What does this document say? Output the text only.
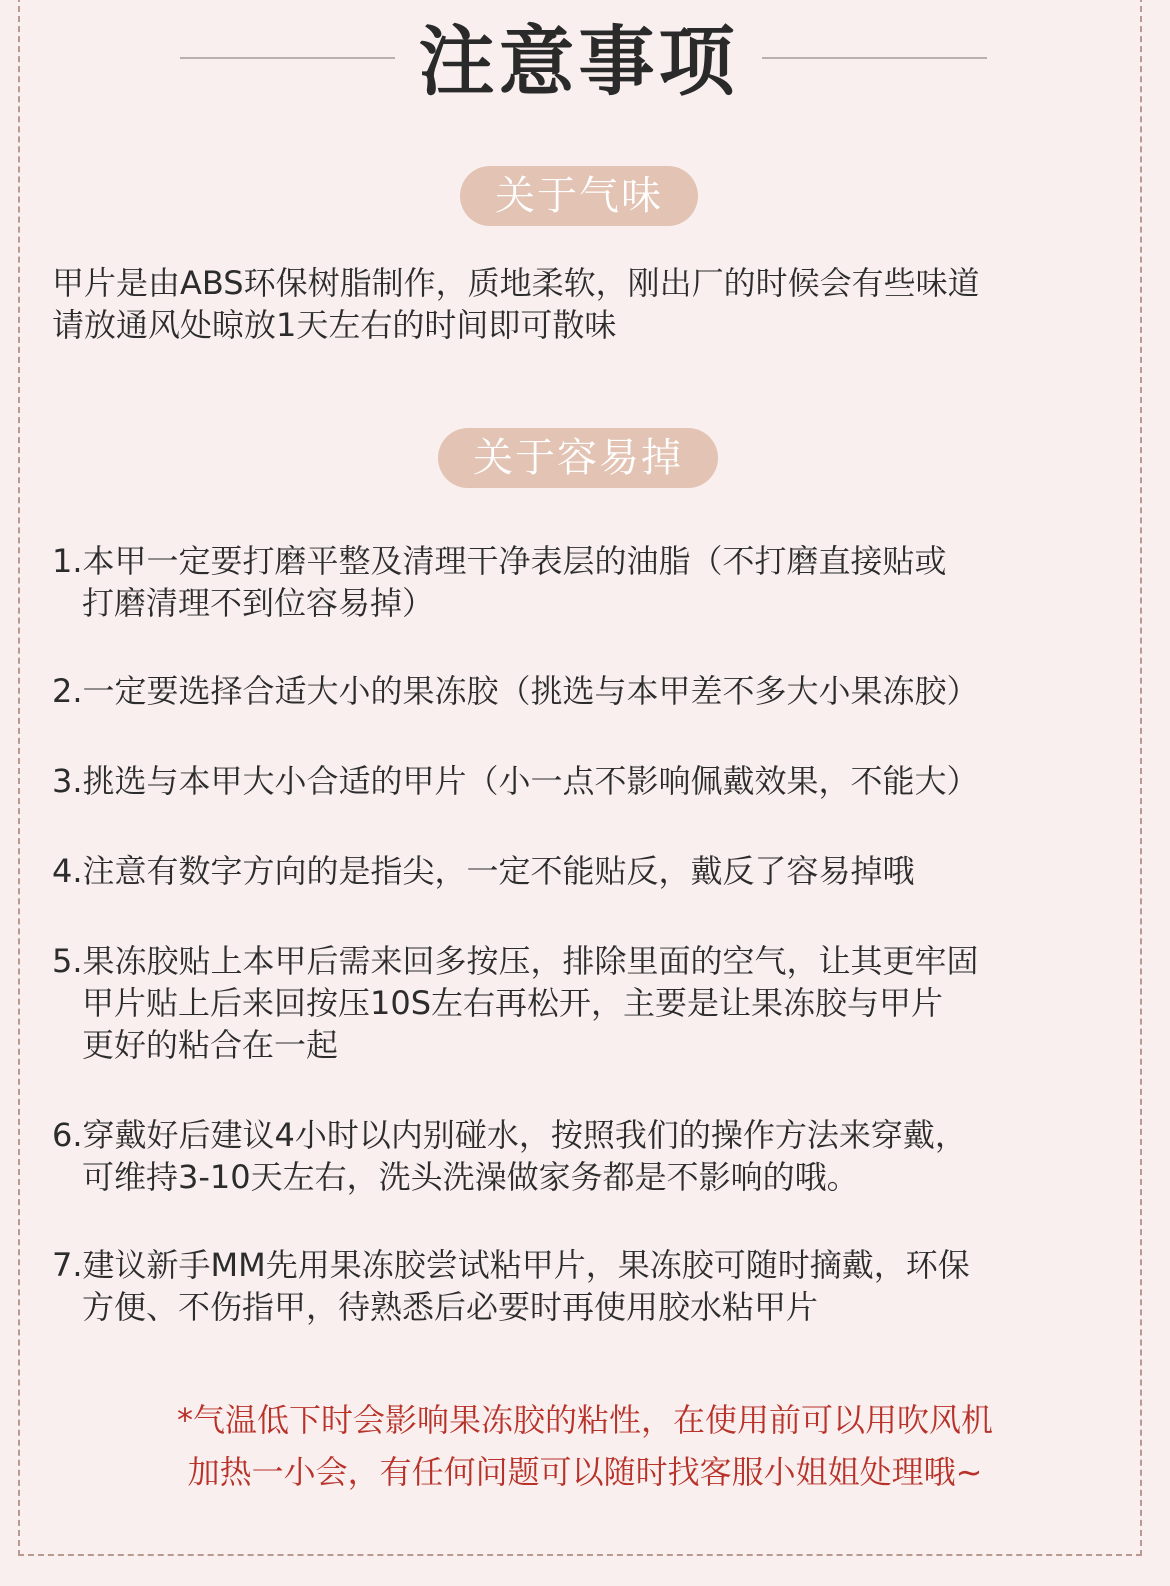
注意事项
关于气味
甲片是由ABS环保树脂制作，质地柔软，刚出厂的时候会有些味道
请放通风处晾放1天左右的时间即可散味
关于容易掉
1.本甲一定要打磨平整及清理干净表层的油脂（不打磨直接贴或
打磨清理不到位容易掉）
2.一定要选择合适大小的果冻胶（挑选与本甲差不多大小果冻胶）
3.挑选与本甲大小合适的甲片（小一点不影响佩戴效果，不能大）
4.注意有数字方向的是指尖，一定不能贴反，戴反了容易掉哦
5.果冻胶贴上本甲后需来回多按压，排除里面的空气，让其更牢固
甲片贴上后来回按压10S左右再松开，主要是让果冻胶与甲片
更好的粘合在一起
6.穿戴好后建议4小时以内别碰水，按照我们的操作方法来穿戴，
可维持3-10天左右，洗头洗澡做家务都是不影响的哦。
7.建议新手MM先用果冻胶尝试粘甲片，果冻胶可随时摘戴，环保
方便、不伤指甲，待熟悉后必要时再使用胶水粘甲片
*气温低下时会影响果冻胶的粘性，在使用前可以用吹风机
加热一小会，有任何问题可以随时找客服小姐姐处理哦~
